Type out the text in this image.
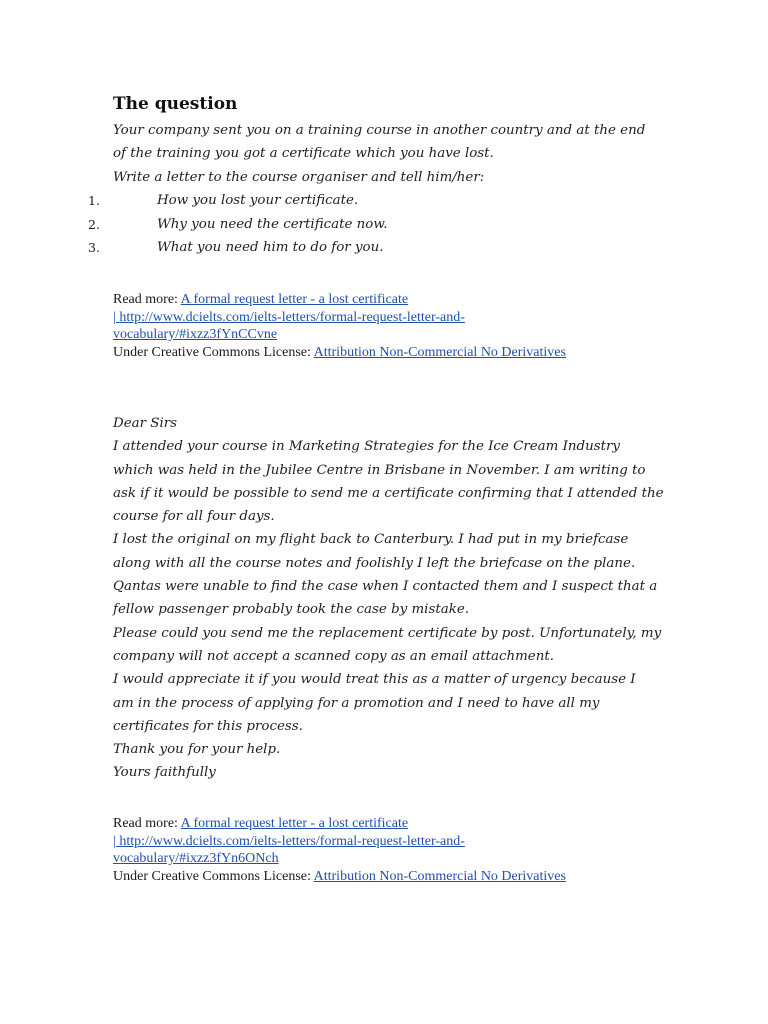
The question

Your company sent you on a training course in another country and at the end

of the training you got a certificate which you have lost.

Write a letter to the course organiser and tell him/her:

1.	How you lost your certificate.
2.	Why you need the certificate now.
3.	What you need him to do for you.

Read more: A formal request letter - a lost certificate

| http://www.dcielts.com/ielts-letters/formal-request-letter-and-

vocabulary/#ixzz3fYnCCvne

Under Creative Commons License: Attribution Non-Commercial No Derivatives

Dear Sirs

I attended your course in Marketing Strategies for the Ice Cream Industry

which was held in the Jubilee Centre in Brisbane in November. I am writing to

ask if it would be possible to send me a certificate confirming that I attended the

course for all four days.

I lost the original on my flight back to Canterbury. I had put in my briefcase

along with all the course notes and foolishly I left the briefcase on the plane.

Qantas were unable to find the case when I contacted them and I suspect that a

fellow passenger probably took the case by mistake.

Please could you send me the replacement certificate by post. Unfortunately, my

company will not accept a scanned copy as an email attachment.

I would appreciate it if you would treat this as a matter of urgency because I

am in the process of applying for a promotion and I need to have all my

certificates for this process.

Thank you for your help.

Yours faithfully

Read more: A formal request letter - a lost certificate

| http://www.dcielts.com/ielts-letters/formal-request-letter-and-

vocabulary/#ixzz3fYn6ONch

Under Creative Commons License: Attribution Non-Commercial No Derivatives
